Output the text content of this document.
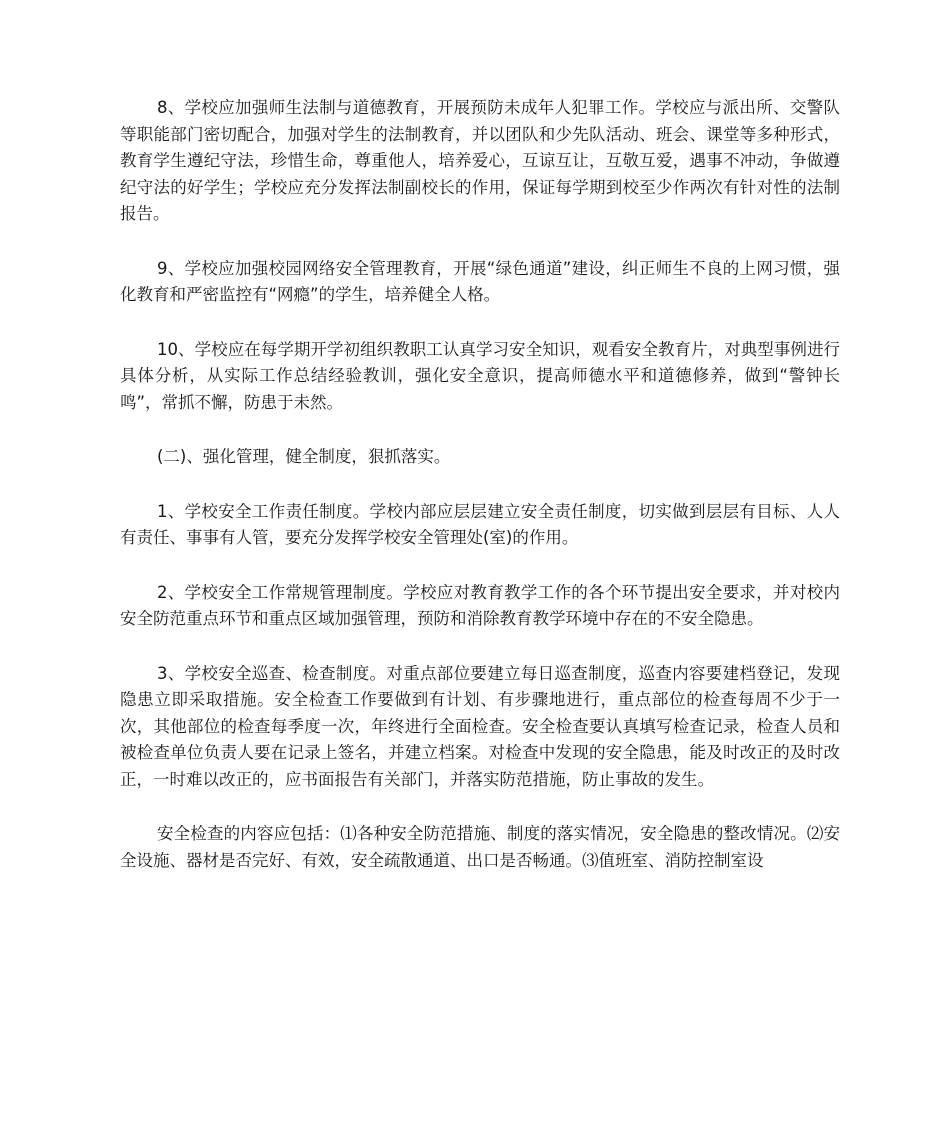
8、学校应加强师生法制与道德教育，开展预防未成年人犯罪工作。学校应与派出所、交警队等职能部门密切配合，加强对学生的法制教育，并以团队和少先队活动、班会、课堂等多种形式，教育学生遵纪守法，珍惜生命，尊重他人，培养爱心，互谅互让，互敬互爱，遇事不冲动，争做遵纪守法的好学生；学校应充分发挥法制副校长的作用，保证每学期到校至少作两次有针对性的法制报告。

9、学校应加强校园网络安全管理教育，开展“绿色通道”建设，纠正师生不良的上网习惯，强化教育和严密监控有“网瘾”的学生，培养健全人格。

10、学校应在每学期开学初组织教职工认真学习安全知识，观看安全教育片，对典型事例进行具体分析，从实际工作总结经验教训，强化安全意识，提高师德水平和道德修养，做到“警钟长鸣”，常抓不懈，防患于未然。

(二)、强化管理，健全制度，狠抓落实。

1、学校安全工作责任制度。学校内部应层层建立安全责任制度，切实做到层层有目标、人人有责任、事事有人管，要充分发挥学校安全管理处(室)的作用。

2、学校安全工作常规管理制度。学校应对教育教学工作的各个环节提出安全要求，并对校内安全防范重点环节和重点区域加强管理，预防和消除教育教学环境中存在的不安全隐患。

3、学校安全巡查、检查制度。对重点部位要建立每日巡查制度，巡查内容要建档登记，发现隐患立即采取措施。安全检查工作要做到有计划、有步骤地进行，重点部位的检查每周不少于一次，其他部位的检查每季度一次，年终进行全面检查。安全检查要认真填写检查记录，检查人员和被检查单位负责人要在记录上签名，并建立档案。对检查中发现的安全隐患，能及时改正的及时改正，一时难以改正的，应书面报告有关部门，并落实防范措施，防止事故的发生。

安全检查的内容应包括：⑴各种安全防范措施、制度的落实情况，安全隐患的整改情况。⑵安全设施、器材是否完好、有效，安全疏散通道、出口是否畅通。⑶值班室、消防控制室设
